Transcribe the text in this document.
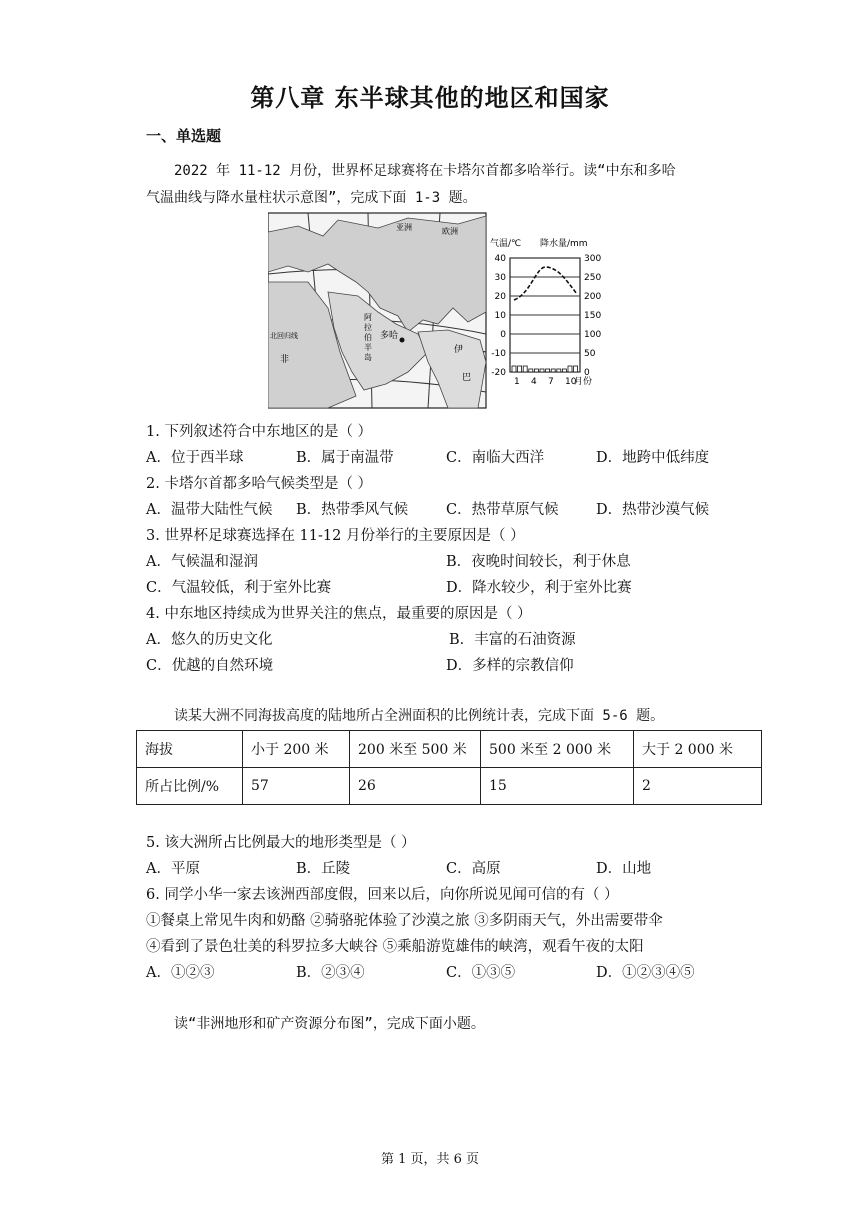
第八章 东半球其他的地区和国家
一、单选题
2022 年 11-12 月份，世界杯足球赛将在卡塔尔首都多哈举行。读“中东和多哈
气温曲线与降水量柱状示意图”，完成下面 1-3 题。
多哈
欧洲
亚洲
北回归线
非
伊
巴
阿
拉
伯
半
岛
气温/℃ 降水量/mm
40	300
30	250
20	200
10	150
0	100
-10	50
-20	0
1 4 7 10
月份
1. 下列叙述符合中东地区的是（ ）
A．位于西半球	B．属于南温带	C．南临大西洋	D．地跨中低纬度
2. 卡塔尔首都多哈气候类型是（ ）
A．温带大陆性气候 B．热带季风气候	C．热带草原气候	D．热带沙漠气候
3. 世界杯足球赛选择在 11-12 月份举行的主要原因是（ ）
A．气候温和湿润	B．夜晚时间较长，利于休息
C．气温较低，利于室外比赛	D．降水较少，利于室外比赛
4. 中东地区持续成为世界关注的焦点，最重要的原因是（ ）
A．悠久的历史文化	B．丰富的石油资源
C．优越的自然环境	D．多样的宗教信仰
读某大洲不同海拔高度的陆地所占全洲面积的比例统计表，完成下面 5-6 题。
海拔	小于 200 米	200 米至 500 米	500 米至 2 000 米	大于 2 000 米
所占比例/%	57	26	15	2
5. 该大洲所占比例最大的地形类型是（ ）
A．平原	B．丘陵	C．高原	D．山地
6. 同学小华一家去该洲西部度假，回来以后，向你所说见闻可信的有（ ）
①餐桌上常见牛肉和奶酪 ②骑骆驼体验了沙漠之旅 ③多阴雨天气，外出需要带伞
④看到了景色壮美的科罗拉多大峡谷 ⑤乘船游览雄伟的峡湾，观看午夜的太阳
A．①②③	B．②③④	C．①③⑤	D．①②③④⑤
读“非洲地形和矿产资源分布图”，完成下面小题。
第 1 页，共 6 页
